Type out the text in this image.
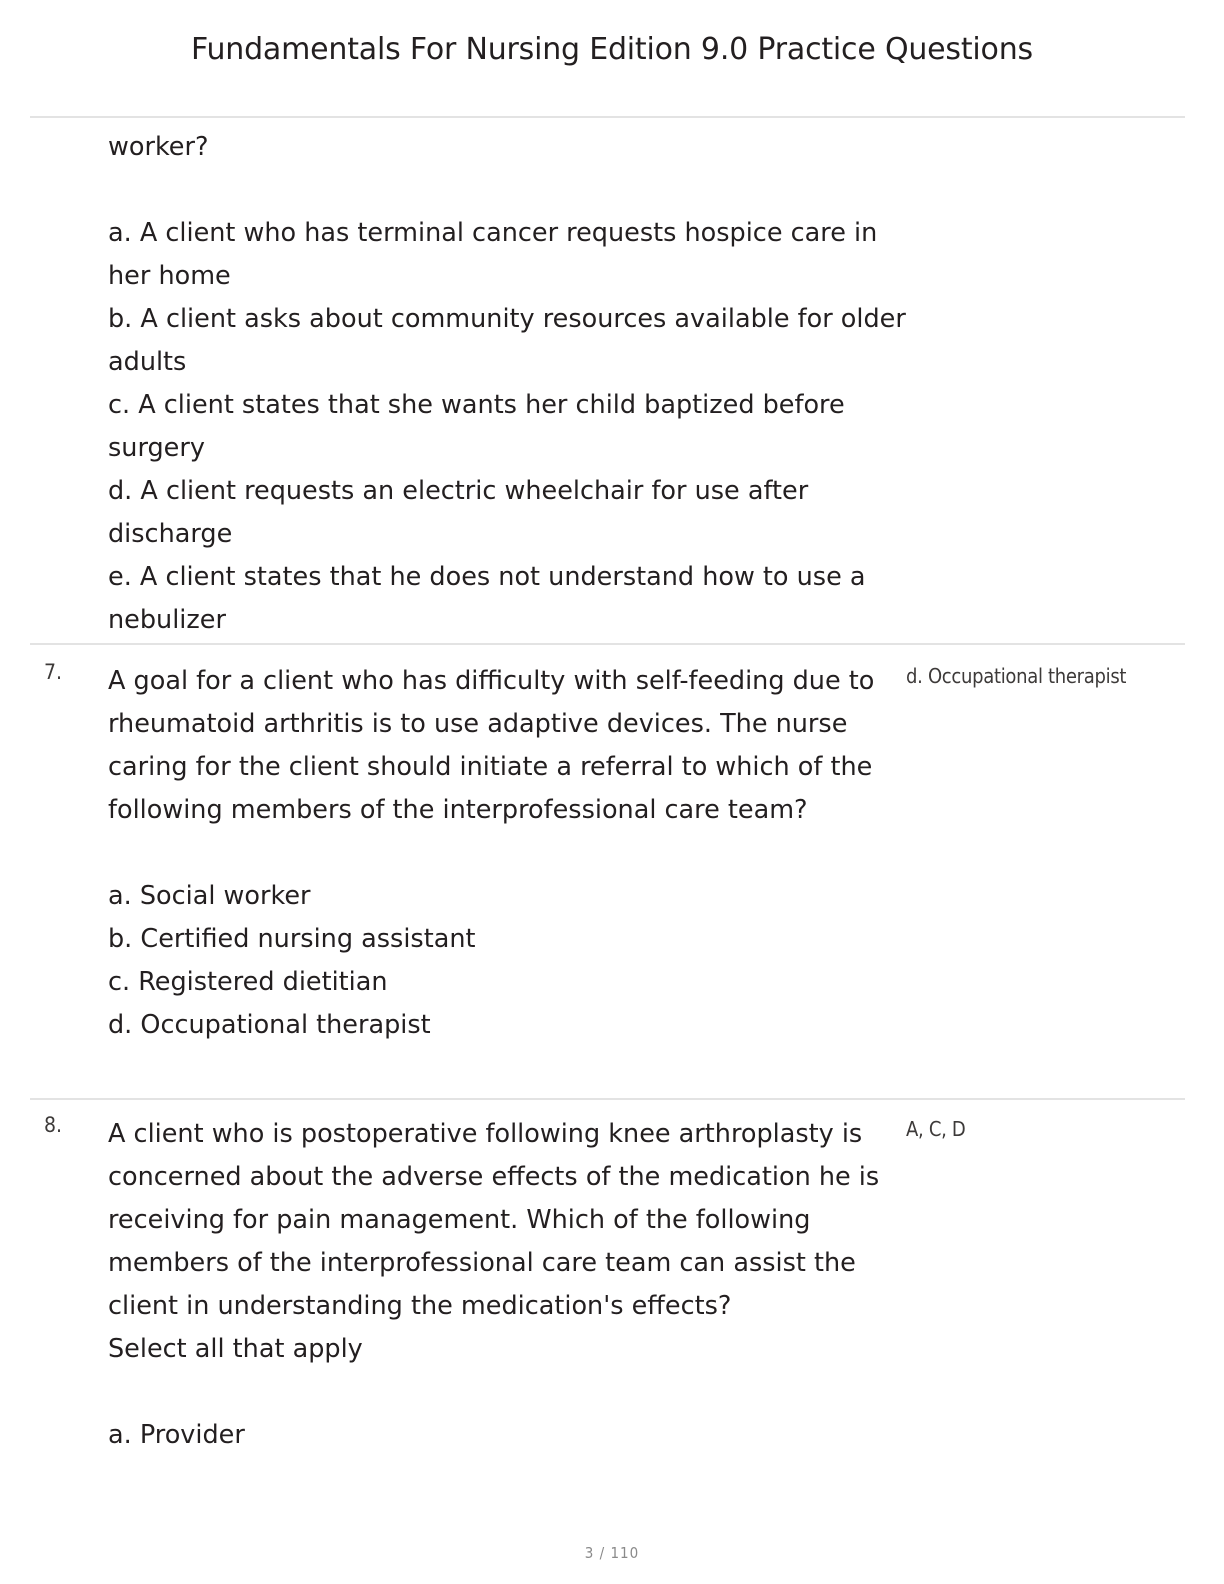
Fundamentals For Nursing Edition 9.0 Practice Questions

worker?

a. A client who has terminal cancer requests hospice care in her home

b. A client asks about community resources available for older adults

c. A client states that she wants her child baptized before surgery

d. A client requests an electric wheelchair for use after discharge

e. A client states that he does not understand how to use a nebulizer

7.	A goal for a client who has difficulty with self-feeding due to rheumatoid arthritis is to use adaptive devices. The nurse caring for the client should initiate a referral to which of the following members of the interprofessional care team?

a. Social worker

b. Certified nursing assistant

c. Registered dietitian

d. Occupational therapist

d. Occupational therapist
8.	A client who is postoperative following knee arthroplasty is concerned about the adverse effects of the medication he is receiving for pain management. Which of the following members of the interprofessional care team can assist the client in understanding the medication's effects?

Select all that apply

a. Provider

A, C, D
3 / 110
